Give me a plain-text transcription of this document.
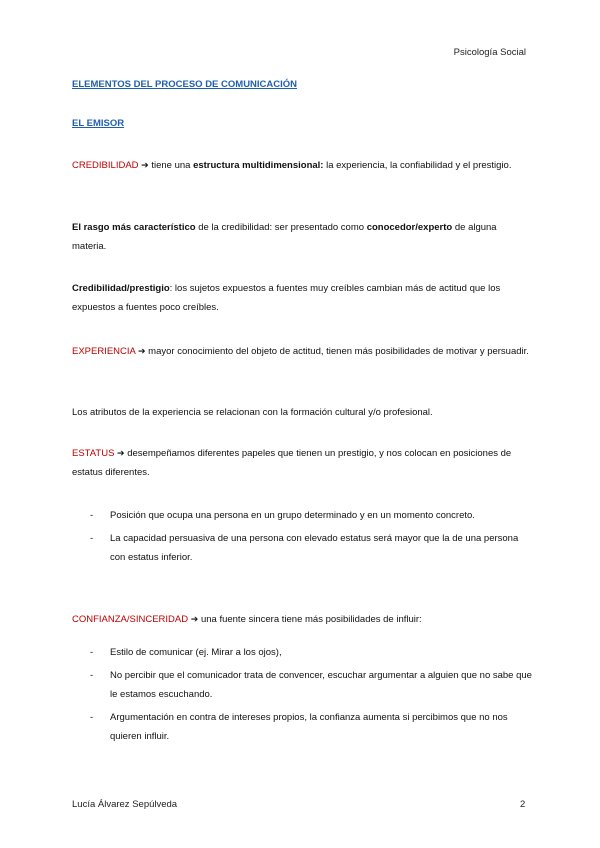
Psicología Social
ELEMENTOS DEL PROCESO DE COMUNICACIÓN
EL EMISOR
CREDIBILIDAD ➔ tiene una estructura multidimensional: la experiencia, la confiabilidad y el prestigio.
El rasgo más característico de la credibilidad: ser presentado como conocedor/experto de alguna materia.
Credibilidad/prestigio: los sujetos expuestos a fuentes muy creíbles cambian más de actitud que los expuestos a fuentes poco creíbles.
EXPERIENCIA ➔ mayor conocimiento del objeto de actitud, tienen más posibilidades de motivar y persuadir.
Los atributos de la experiencia se relacionan con la formación cultural y/o profesional.
ESTATUS ➔ desempeñamos diferentes papeles que tienen un prestigio, y nos colocan en posiciones de estatus diferentes.
- Posición que ocupa una persona en un grupo determinado y en un momento concreto.
- La capacidad persuasiva de una persona con elevado estatus será mayor que la de una persona con estatus inferior.
CONFIANZA/SINCERIDAD ➔ una fuente sincera tiene más posibilidades de influir:
- Estilo de comunicar (ej. Mirar a los ojos),
- No percibir que el comunicador trata de convencer, escuchar argumentar a alguien que no sabe que le estamos escuchando.
- Argumentación en contra de intereses propios, la confianza aumenta si percibimos que no nos quieren influir.
Lucía Álvarez Sepúlveda	2
